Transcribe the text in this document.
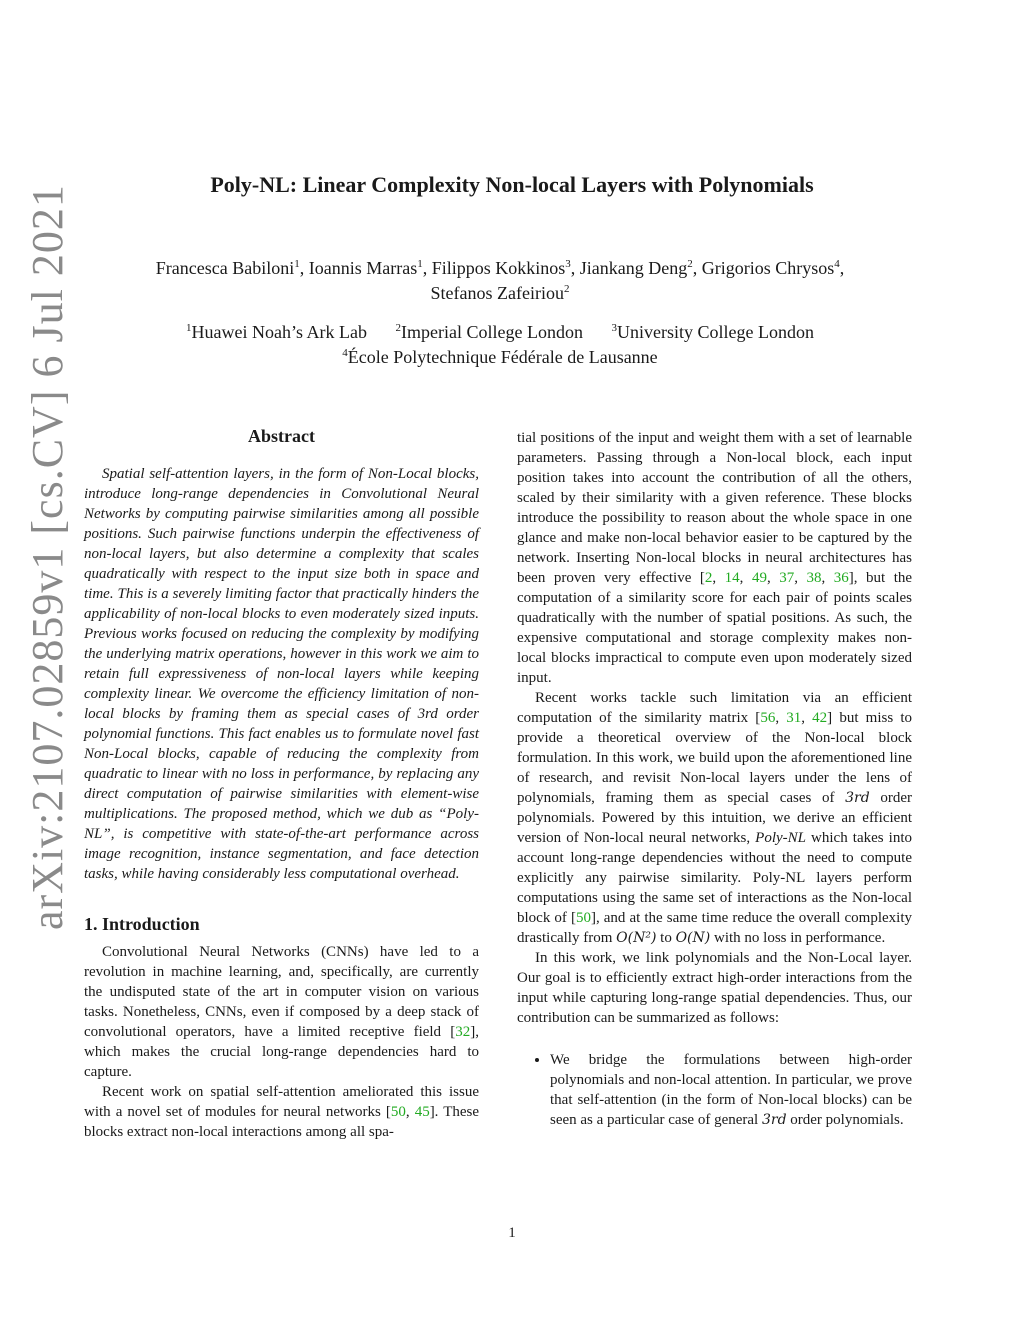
arXiv:2107.02859v1 [cs.CV] 6 Jul 2021	Poly-NL: Linear Complexity Non-local Layers with Polynomials
Francesca Babiloni$^1$, Ioannis Marras$^1$, Filippos Kokkinos$^3$, Jiankang Deng$^2$, Grigorios Chrysos$^4$,
Stefanos Zafeiriou$^2$
$^1$Huawei Noah’s Ark Lab	$^2$Imperial College London	$^3$University College London
$^4$École Polytechnique Fédérale de Lausanne
Abstract

Spatial self-attention layers, in the form of Non-Local blocks, introduce long-range dependencies in Convolutional Neural Networks by computing pairwise similarities among all possible positions. Such pairwise functions underpin the effectiveness of non-local layers, but also determine a complexity that scales quadratically with respect to the input size both in space and time. This is a severely limiting factor that practically hinders the applicability of non-local blocks to even moderately sized inputs. Previous works focused on reducing the complexity by modifying the underlying matrix operations, however in this work we aim to retain full expressiveness of non-local layers while keeping complexity linear. We overcome the efficiency limitation of non-local blocks by framing them as special cases of 3rd order polynomial functions. This fact enables us to formulate novel fast Non-Local blocks, capable of reducing the complexity from quadratic to linear with no loss in performance, by replacing any direct computation of pairwise similarities with element-wise multiplications. The proposed method, which we dub as “Poly-NL”, is competitive with state-of-the-art performance across image recognition, instance segmentation, and face detection tasks, while having considerably less computational overhead.

1. Introduction

Convolutional Neural Networks (CNNs) have led to a revolution in machine learning, and, specifically, are currently the undisputed state of the art in computer vision on various tasks. Nonetheless, CNNs, even if composed by a deep stack of convolutional operators, have a limited receptive field [32], which makes the crucial long-range dependencies hard to capture.

Recent work on spatial self-attention ameliorated this issue with a novel set of modules for neural networks [50, 45]. These blocks extract non-local interactions among all spa-

tial positions of the input and weight them with a set of learnable parameters. Passing through a Non-local block, each input position takes into account the contribution of all the others, scaled by their similarity with a given reference. These blocks introduce the possibility to reason about the whole space in one glance and make non-local behavior easier to be captured by the network. Inserting Non-local blocks in neural architectures has been proven very effective [2, 14, 49, 37, 38, 36], but the computation of a similarity score for each pair of points scales quadratically with the number of spatial positions. As such, the expensive computational and storage complexity makes non-local blocks impractical to compute even upon moderately sized input.

Recent works tackle such limitation via an efficient computation of the similarity matrix [56, 31, 42] but miss to provide a theoretical overview of the Non-local block formulation. In this work, we build upon the aforementioned line of research, and revisit Non-local layers under the lens of polynomials, framing them as special cases of 3rd order polynomials. Powered by this intuition, we derive an efficient version of Non-local neural networks, Poly-NL which takes into account long-range dependencies without the need to compute explicitly any pairwise similarity. Poly-NL layers perform computations using the same set of interactions as the Non-local block of [50], and at the same time reduce the overall complexity drastically from O(N²) to O(N) with no loss in performance.

In this work, we link polynomials and the Non-Local layer. Our goal is to efficiently extract high-order interactions from the input while capturing long-range spatial dependencies. Thus, our contribution can be summarized as follows:

• We bridge the formulations between high-order polynomials and non-local attention. In particular, we prove that self-attention (in the form of Non-local blocks) can be seen as a particular case of general 3rd order polynomials.
1
